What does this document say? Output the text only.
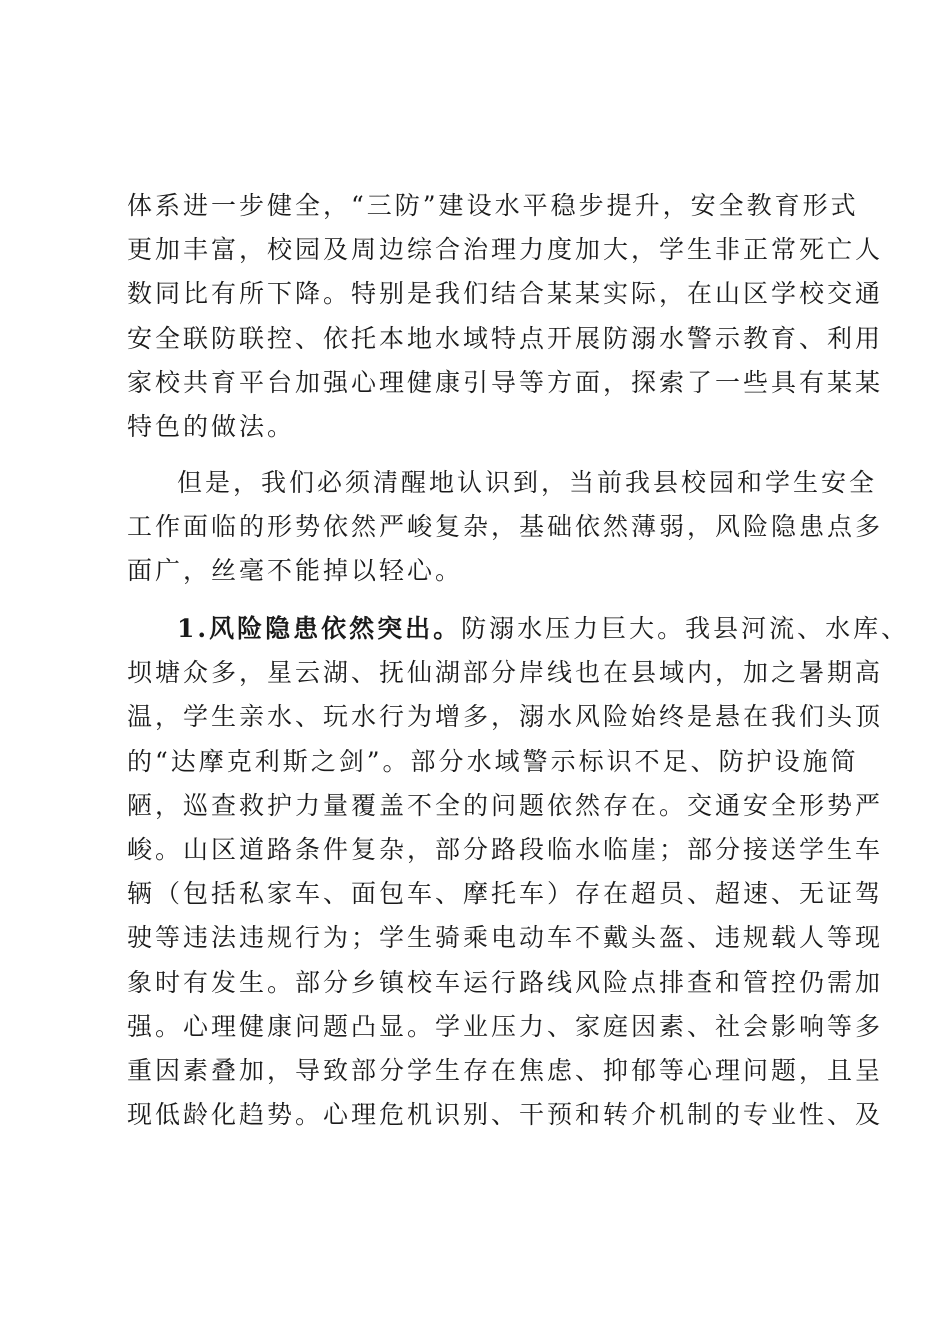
体系进一步健全，“三防”建设水平稳步提升，安全教育形式
更加丰富，校园及周边综合治理力度加大，学生非正常死亡人
数同比有所下降。特别是我们结合某某实际，在山区学校交通
安全联防联控、依托本地水域特点开展防溺水警示教育、利用
家校共育平台加强心理健康引导等方面，探索了一些具有某某
特色的做法。
但是，我们必须清醒地认识到，当前我县校园和学生安全
工作面临的形势依然严峻复杂，基础依然薄弱，风险隐患点多
面广，丝毫不能掉以轻心。
1.风险隐患依然突出。防溺水压力巨大。我县河流、水库、
坝塘众多，星云湖、抚仙湖部分岸线也在县域内，加之暑期高
温，学生亲水、玩水行为增多，溺水风险始终是悬在我们头顶
的“达摩克利斯之剑”。部分水域警示标识不足、防护设施简
陋，巡查救护力量覆盖不全的问题依然存在。交通安全形势严
峻。山区道路条件复杂，部分路段临水临崖；部分接送学生车
辆（包括私家车、面包车、摩托车）存在超员、超速、无证驾
驶等违法违规行为；学生骑乘电动车不戴头盔、违规载人等现
象时有发生。部分乡镇校车运行路线风险点排查和管控仍需加
强。心理健康问题凸显。学业压力、家庭因素、社会影响等多
重因素叠加，导致部分学生存在焦虑、抑郁等心理问题，且呈
现低龄化趋势。心理危机识别、干预和转介机制的专业性、及
